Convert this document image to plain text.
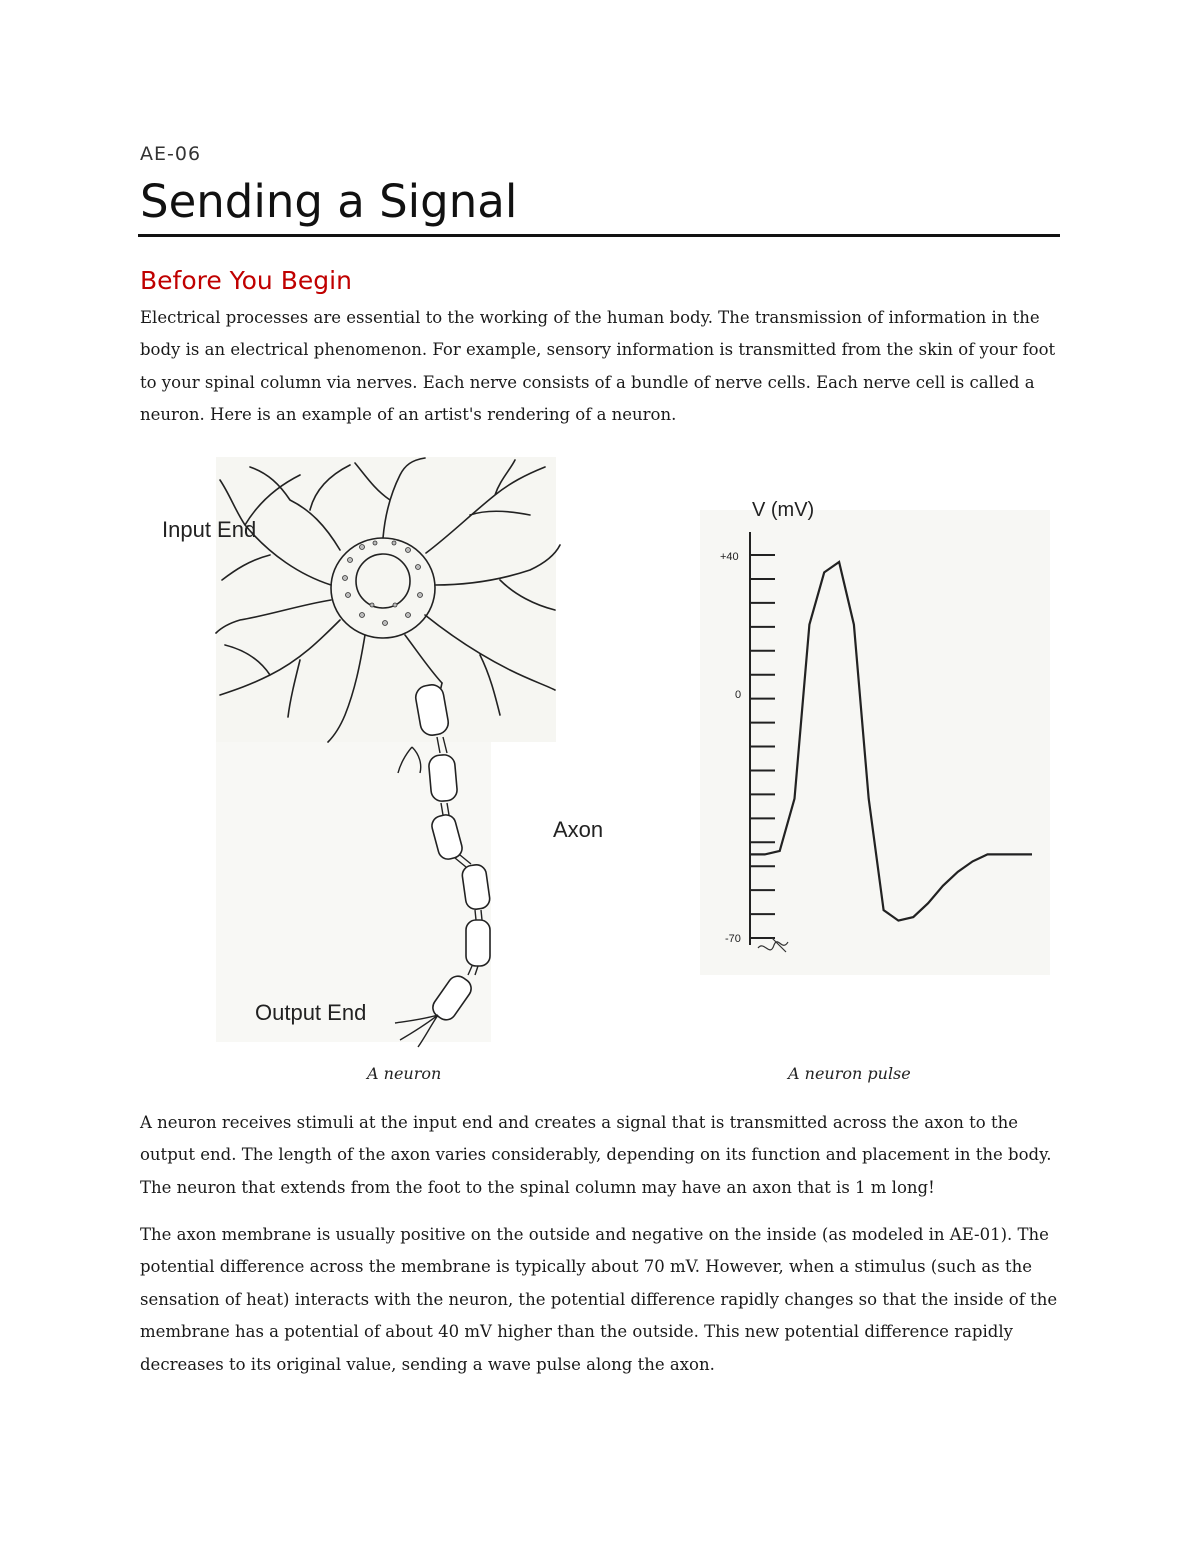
AE-06
Sending a Signal
Before You Begin

Electrical processes are essential to the working of the human body. The transmission of information in the body is an electrical phenomenon. For example, sensory information is transmitted from the skin of your foot to your spinal column via nerves. Each nerve consists of a bundle of nerve cells. Each nerve cell is called a neuron. Here is an example of an artist's rendering of a neuron.

Input End
Axon
Output End
V (mV)
+40
0
-70
A neuron	A neuron pulse

A neuron receives stimuli at the input end and creates a signal that is transmitted across the axon to the output end. The length of the axon varies considerably, depending on its function and placement in the body. The neuron that extends from the foot to the spinal column may have an axon that is 1 m long!

The axon membrane is usually positive on the outside and negative on the inside (as modeled in AE-01). The potential difference across the membrane is typically about 70 mV. However, when a stimulus (such as the sensation of heat) interacts with the neuron, the potential difference rapidly changes so that the inside of the membrane has a potential of about 40 mV higher than the outside. This new potential difference rapidly decreases to its original value, sending a wave pulse along the axon.
